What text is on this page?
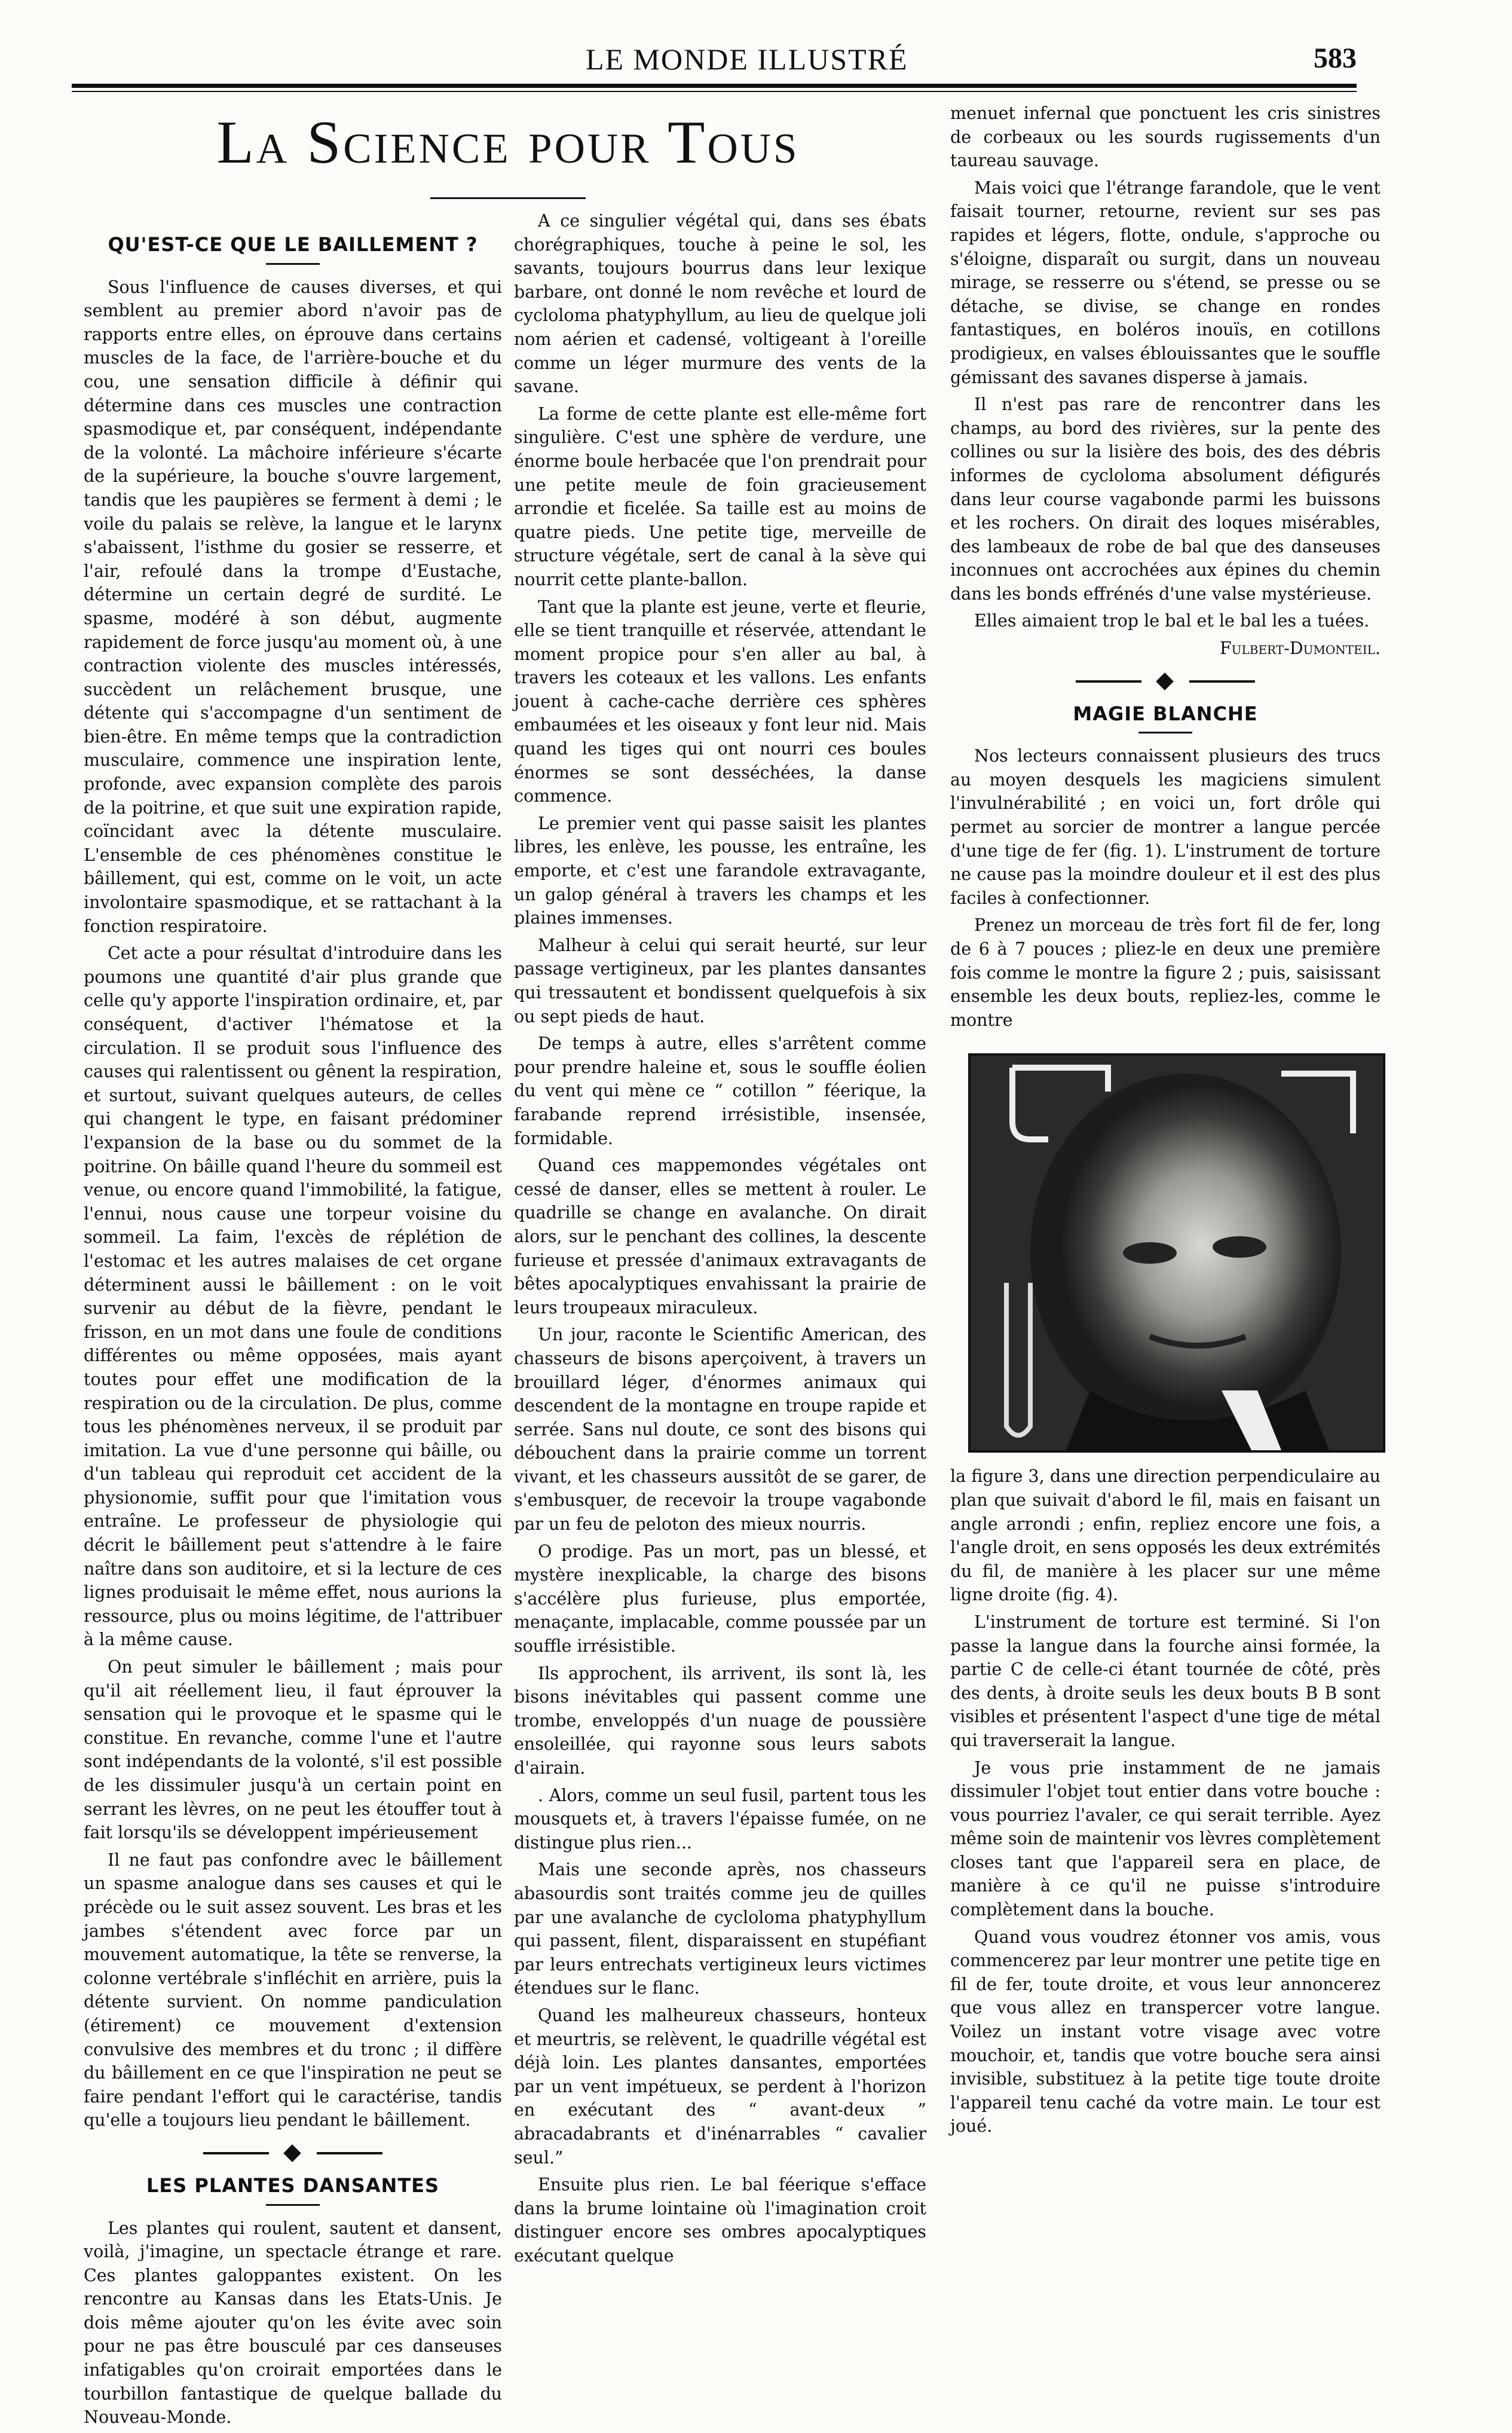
LE MONDE ILLUSTRÉ	583
La Science pour Tous
QU'EST-CE QUE LE BAILLEMENT ?

Sous l'influence de causes diverses, et qui semblent au premier abord n'avoir pas de rapports entre elles, on éprouve dans certains muscles de la face, de l'arrière-bouche et du cou, une sensation difficile à définir qui détermine dans ces muscles une contraction spasmodique et, par conséquent, indépendante de la volonté. La mâchoire inférieure s'écarte de la supérieure, la bouche s'ouvre largement, tandis que les paupières se ferment à demi ; le voile du palais se relève, la langue et le larynx s'abaissent, l'isthme du gosier se resserre, et l'air, refoulé dans la trompe d'Eustache, détermine un certain degré de surdité. Le spasme, modéré à son début, augmente rapidement de force jusqu'au moment où, à une contraction violente des muscles intéressés, succèdent un relâchement brusque, une détente qui s'accompagne d'un sentiment de bien-être. En même temps que la contradiction musculaire, commence une inspiration lente, profonde, avec expansion complète des parois de la poitrine, et que suit une expiration rapide, coïncidant avec la détente musculaire. L'ensemble de ces phénomènes constitue le bâillement, qui est, comme on le voit, un acte involontaire spasmodique, et se rattachant à la fonction respiratoire.

Cet acte a pour résultat d'introduire dans les poumons une quantité d'air plus grande que celle qu'y apporte l'inspiration ordinaire, et, par conséquent, d'activer l'hématose et la circulation. Il se produit sous l'influence des causes qui ralentissent ou gênent la respiration, et surtout, suivant quelques auteurs, de celles qui changent le type, en faisant prédominer l'expansion de la base ou du sommet de la poitrine. On bâille quand l'heure du sommeil est venue, ou encore quand l'immobilité, la fatigue, l'ennui, nous cause une torpeur voisine du sommeil. La faim, l'excès de réplétion de l'estomac et les autres malaises de cet organe déterminent aussi le bâillement : on le voit survenir au début de la fièvre, pendant le frisson, en un mot dans une foule de conditions différentes ou même opposées, mais ayant toutes pour effet une modification de la respiration ou de la circulation. De plus, comme tous les phénomènes nerveux, il se produit par imitation. La vue d'une personne qui bâille, ou d'un tableau qui reproduit cet accident de la physionomie, suffit pour que l'imitation vous entraîne. Le professeur de physiologie qui décrit le bâillement peut s'attendre à le faire naître dans son auditoire, et si la lecture de ces lignes produisait le même effet, nous aurions la ressource, plus ou moins légitime, de l'attribuer à la même cause.

On peut simuler le bâillement ; mais pour qu'il ait réellement lieu, il faut éprouver la sensation qui le provoque et le spasme qui le constitue. En revanche, comme l'une et l'autre sont indépendants de la volonté, s'il est possible de les dissimuler jusqu'à un certain point en serrant les lèvres, on ne peut les étouffer tout à fait lorsqu'ils se développent impérieusement

Il ne faut pas confondre avec le bâillement un spasme analogue dans ses causes et qui le précède ou le suit assez souvent. Les bras et les jambes s'étendent avec force par un mouvement automatique, la tête se renverse, la colonne vertébrale s'infléchit en arrière, puis la détente survient. On nomme pandiculation (étirement) ce mouvement d'extension convulsive des membres et du tronc ; il diffère du bâillement en ce que l'inspiration ne peut se faire pendant l'effort qui le caractérise, tandis qu'elle a toujours lieu pendant le bâillement.

LES PLANTES DANSANTES

Les plantes qui roulent, sautent et dansent, voilà, j'imagine, un spectacle étrange et rare. Ces plantes galoppantes existent. On les rencontre au Kansas dans les Etats-Unis. Je dois même ajouter qu'on les évite avec soin pour ne pas être bousculé par ces danseuses infatigables qu'on croirait emportées dans le tourbillon fantastique de quelque ballade du Nouveau-Monde.

A ce singulier végétal qui, dans ses ébats chorégraphiques, touche à peine le sol, les savants, toujours bourrus dans leur lexique barbare, ont donné le nom revêche et lourd de cycloloma phatyphyllum, au lieu de quelque joli nom aérien et cadensé, voltigeant à l'oreille comme un léger murmure des vents de la savane.

La forme de cette plante est elle-même fort singulière. C'est une sphère de verdure, une énorme boule herbacée que l'on prendrait pour une petite meule de foin gracieusement arrondie et ficelée. Sa taille est au moins de quatre pieds. Une petite tige, merveille de structure végétale, sert de canal à la sève qui nourrit cette plante-ballon.

Tant que la plante est jeune, verte et fleurie, elle se tient tranquille et réservée, attendant le moment propice pour s'en aller au bal, à travers les coteaux et les vallons. Les enfants jouent à cache-cache derrière ces sphères embaumées et les oiseaux y font leur nid. Mais quand les tiges qui ont nourri ces boules énormes se sont desséchées, la danse commence.

Le premier vent qui passe saisit les plantes libres, les enlève, les pousse, les entraîne, les emporte, et c'est une farandole extravagante, un galop général à travers les champs et les plaines immenses.

Malheur à celui qui serait heurté, sur leur passage vertigineux, par les plantes dansantes qui tressautent et bondissent quelquefois à six ou sept pieds de haut.

De temps à autre, elles s'arrêtent comme pour prendre haleine et, sous le souffle éolien du vent qui mène ce “ cotillon ” féerique, la farabande reprend irrésistible, insensée, formidable.

Quand ces mappemondes végétales ont cessé de danser, elles se mettent à rouler. Le quadrille se change en avalanche. On dirait alors, sur le penchant des collines, la descente furieuse et pressée d'animaux extravagants de bêtes apocalyptiques envahissant la prairie de leurs troupeaux miraculeux.

Un jour, raconte le Scientific American, des chasseurs de bisons aperçoivent, à travers un brouillard léger, d'énormes animaux qui descendent de la montagne en troupe rapide et serrée. Sans nul doute, ce sont des bisons qui débouchent dans la prairie comme un torrent vivant, et les chasseurs aussitôt de se garer, de s'embusquer, de recevoir la troupe vagabonde par un feu de peloton des mieux nourris.

O prodige. Pas un mort, pas un blessé, et mystère inexplicable, la charge des bisons s'accélère plus furieuse, plus emportée, menaçante, implacable, comme poussée par un souffle irrésistible.

Ils approchent, ils arrivent, ils sont là, les bisons inévitables qui passent comme une trombe, enveloppés d'un nuage de poussière ensoleillée, qui rayonne sous leurs sabots d'airain.

. Alors, comme un seul fusil, partent tous les mousquets et, à travers l'épaisse fumée, on ne distingue plus rien...

Mais une seconde après, nos chasseurs abasourdis sont traités comme jeu de quilles par une avalanche de cycloloma phatyphyllum qui passent, filent, disparaissent en stupéfiant par leurs entrechats vertigineux leurs victimes étendues sur le flanc.

Quand les malheureux chasseurs, honteux et meurtris, se relèvent, le quadrille végétal est déjà loin. Les plantes dansantes, emportées par un vent impétueux, se perdent à l'horizon en exécutant des “ avant-deux ” abracadabrants et d'inénarrables “ cavalier seul.”

Ensuite plus rien. Le bal féerique s'efface dans la brume lointaine où l'imagination croit distinguer encore ses ombres apocalyptiques exécutant quelque

menuet infernal que ponctuent les cris sinistres de corbeaux ou les sourds rugissements d'un taureau sauvage.

Mais voici que l'étrange farandole, que le vent faisait tourner, retourne, revient sur ses pas rapides et légers, flotte, ondule, s'approche ou s'éloigne, disparaît ou surgit, dans un nouveau mirage, se resserre ou s'étend, se presse ou se détache, se divise, se change en rondes fantastiques, en boléros inouïs, en cotillons prodigieux, en valses éblouissantes que le souffle gémissant des savanes disperse à jamais.

Il n'est pas rare de rencontrer dans les champs, au bord des rivières, sur la pente des collines ou sur la lisière des bois, des des débris informes de cycloloma absolument défigurés dans leur course vagabonde parmi les buissons et les rochers. On dirait des loques misérables, des lambeaux de robe de bal que des danseuses inconnues ont accrochées aux épines du chemin dans les bonds effrénés d'une valse mystérieuse.

Elles aimaient trop le bal et le bal les a tuées.

Fulbert-Dumonteil.

MAGIE BLANCHE

Nos lecteurs connaissent plusieurs des trucs au moyen desquels les magiciens simulent l'invulnérabilité ; en voici un, fort drôle qui permet au sorcier de montrer a langue percée d'une tige de fer (fig. 1). L'instrument de torture ne cause pas la moindre douleur et il est des plus faciles à confectionner.

Prenez un morceau de très fort fil de fer, long de 6 à 7 pouces ; pliez-le en deux une première fois comme le montre la figure 2 ; puis, saisissant ensemble les deux bouts, repliez-les, comme le montre

la figure 3, dans une direction perpendiculaire au plan que suivait d'abord le fil, mais en faisant un angle arrondi ; enfin, repliez encore une fois, a l'angle droit, en sens opposés les deux extrémités du fil, de manière à les placer sur une même ligne droite (fig. 4).

L'instrument de torture est terminé. Si l'on passe la langue dans la fourche ainsi formée, la partie C de celle-ci étant tournée de côté, près des dents, à droite seuls les deux bouts B B sont visibles et présentent l'aspect d'une tige de métal qui traverserait la langue.

Je vous prie instamment de ne jamais dissimuler l'objet tout entier dans votre bouche : vous pourriez l'avaler, ce qui serait terrible. Ayez même soin de maintenir vos lèvres complètement closes tant que l'appareil sera en place, de manière à ce qu'il ne puisse s'introduire complètement dans la bouche.

Quand vous voudrez étonner vos amis, vous commencerez par leur montrer une petite tige en fil de fer, toute droite, et vous leur annoncerez que vous allez en transpercer votre langue. Voilez un instant votre visage avec votre mouchoir, et, tandis que votre bouche sera ainsi invisible, substituez à la petite tige toute droite l'appareil tenu caché da votre main. Le tour est joué.
